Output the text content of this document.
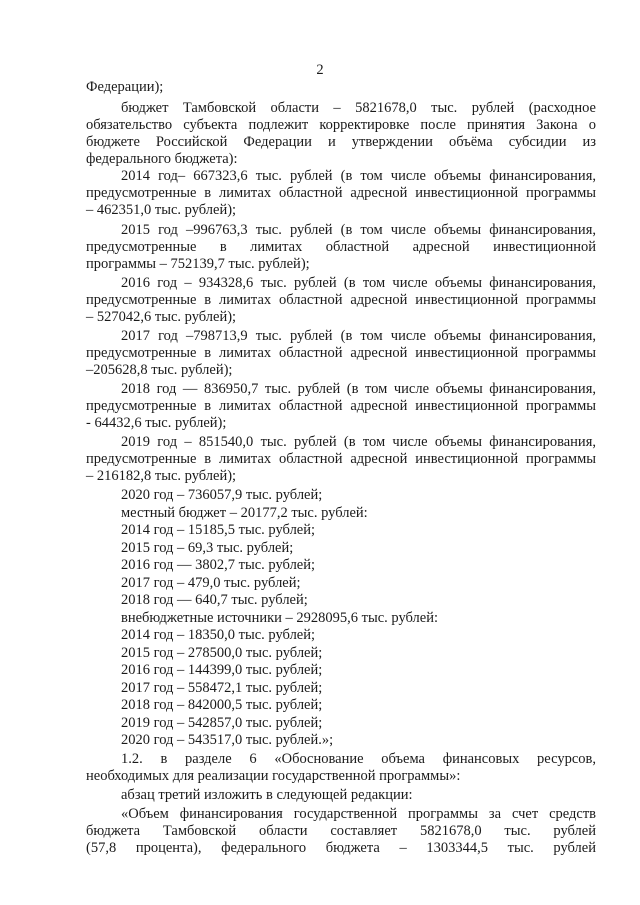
2
Федерации);
бюджет Тамбовской области – 5821678,0 тыс. рублей (расходное
обязательство субъекта подлежит корректировке после принятия Закона о
бюджете Российской Федерации и утверждении объёма субсидии из
федерального бюджета):
2014 год– 667323,6 тыс. рублей (в том числе объемы финансирования,
предусмотренные в лимитах областной адресной инвестиционной программы
– 462351,0 тыс. рублей);
2015 год –996763,3 тыс. рублей (в том числе объемы финансирования,
предусмотренные в лимитах областной адресной инвестиционной
программы – 752139,7 тыс. рублей);
2016 год – 934328,6 тыс. рублей (в том числе объемы финансирования,
предусмотренные в лимитах областной адресной инвестиционной программы
– 527042,6 тыс. рублей);
2017 год –798713,9 тыс. рублей (в том числе объемы финансирования,
предусмотренные в лимитах областной адресной инвестиционной программы
–205628,8 тыс. рублей);
2018 год — 836950,7 тыс. рублей (в том числе объемы финансирования,
предусмотренные в лимитах областной адресной инвестиционной программы
- 64432,6 тыс. рублей);
2019 год – 851540,0 тыс. рублей (в том числе объемы финансирования,
предусмотренные в лимитах областной адресной инвестиционной программы
– 216182,8 тыс. рублей);
2020 год – 736057,9 тыс. рублей;
местный бюджет – 20177,2 тыс. рублей:
2014 год – 15185,5 тыс. рублей;
2015 год – 69,3 тыс. рублей;
2016 год — 3802,7 тыс. рублей;
2017 год – 479,0 тыс. рублей;
2018 год — 640,7 тыс. рублей;
внебюджетные источники – 2928095,6 тыс. рублей:
2014 год – 18350,0 тыс. рублей;
2015 год – 278500,0 тыс. рублей;
2016 год – 144399,0 тыс. рублей;
2017 год – 558472,1 тыс. рублей;
2018 год – 842000,5 тыс. рублей;
2019 год – 542857,0 тыс. рублей;
2020 год – 543517,0 тыс. рублей.»;
1.2. в разделе 6 «Обоснование объема финансовых ресурсов,
необходимых для реализации государственной программы»:
абзац третий изложить в следующей редакции:
«Объем финансирования государственной программы за счет средств
бюджета Тамбовской области составляет 5821678,0 тыс. рублей
(57,8 процента), федерального бюджета – 1303344,5 тыс. рублей
